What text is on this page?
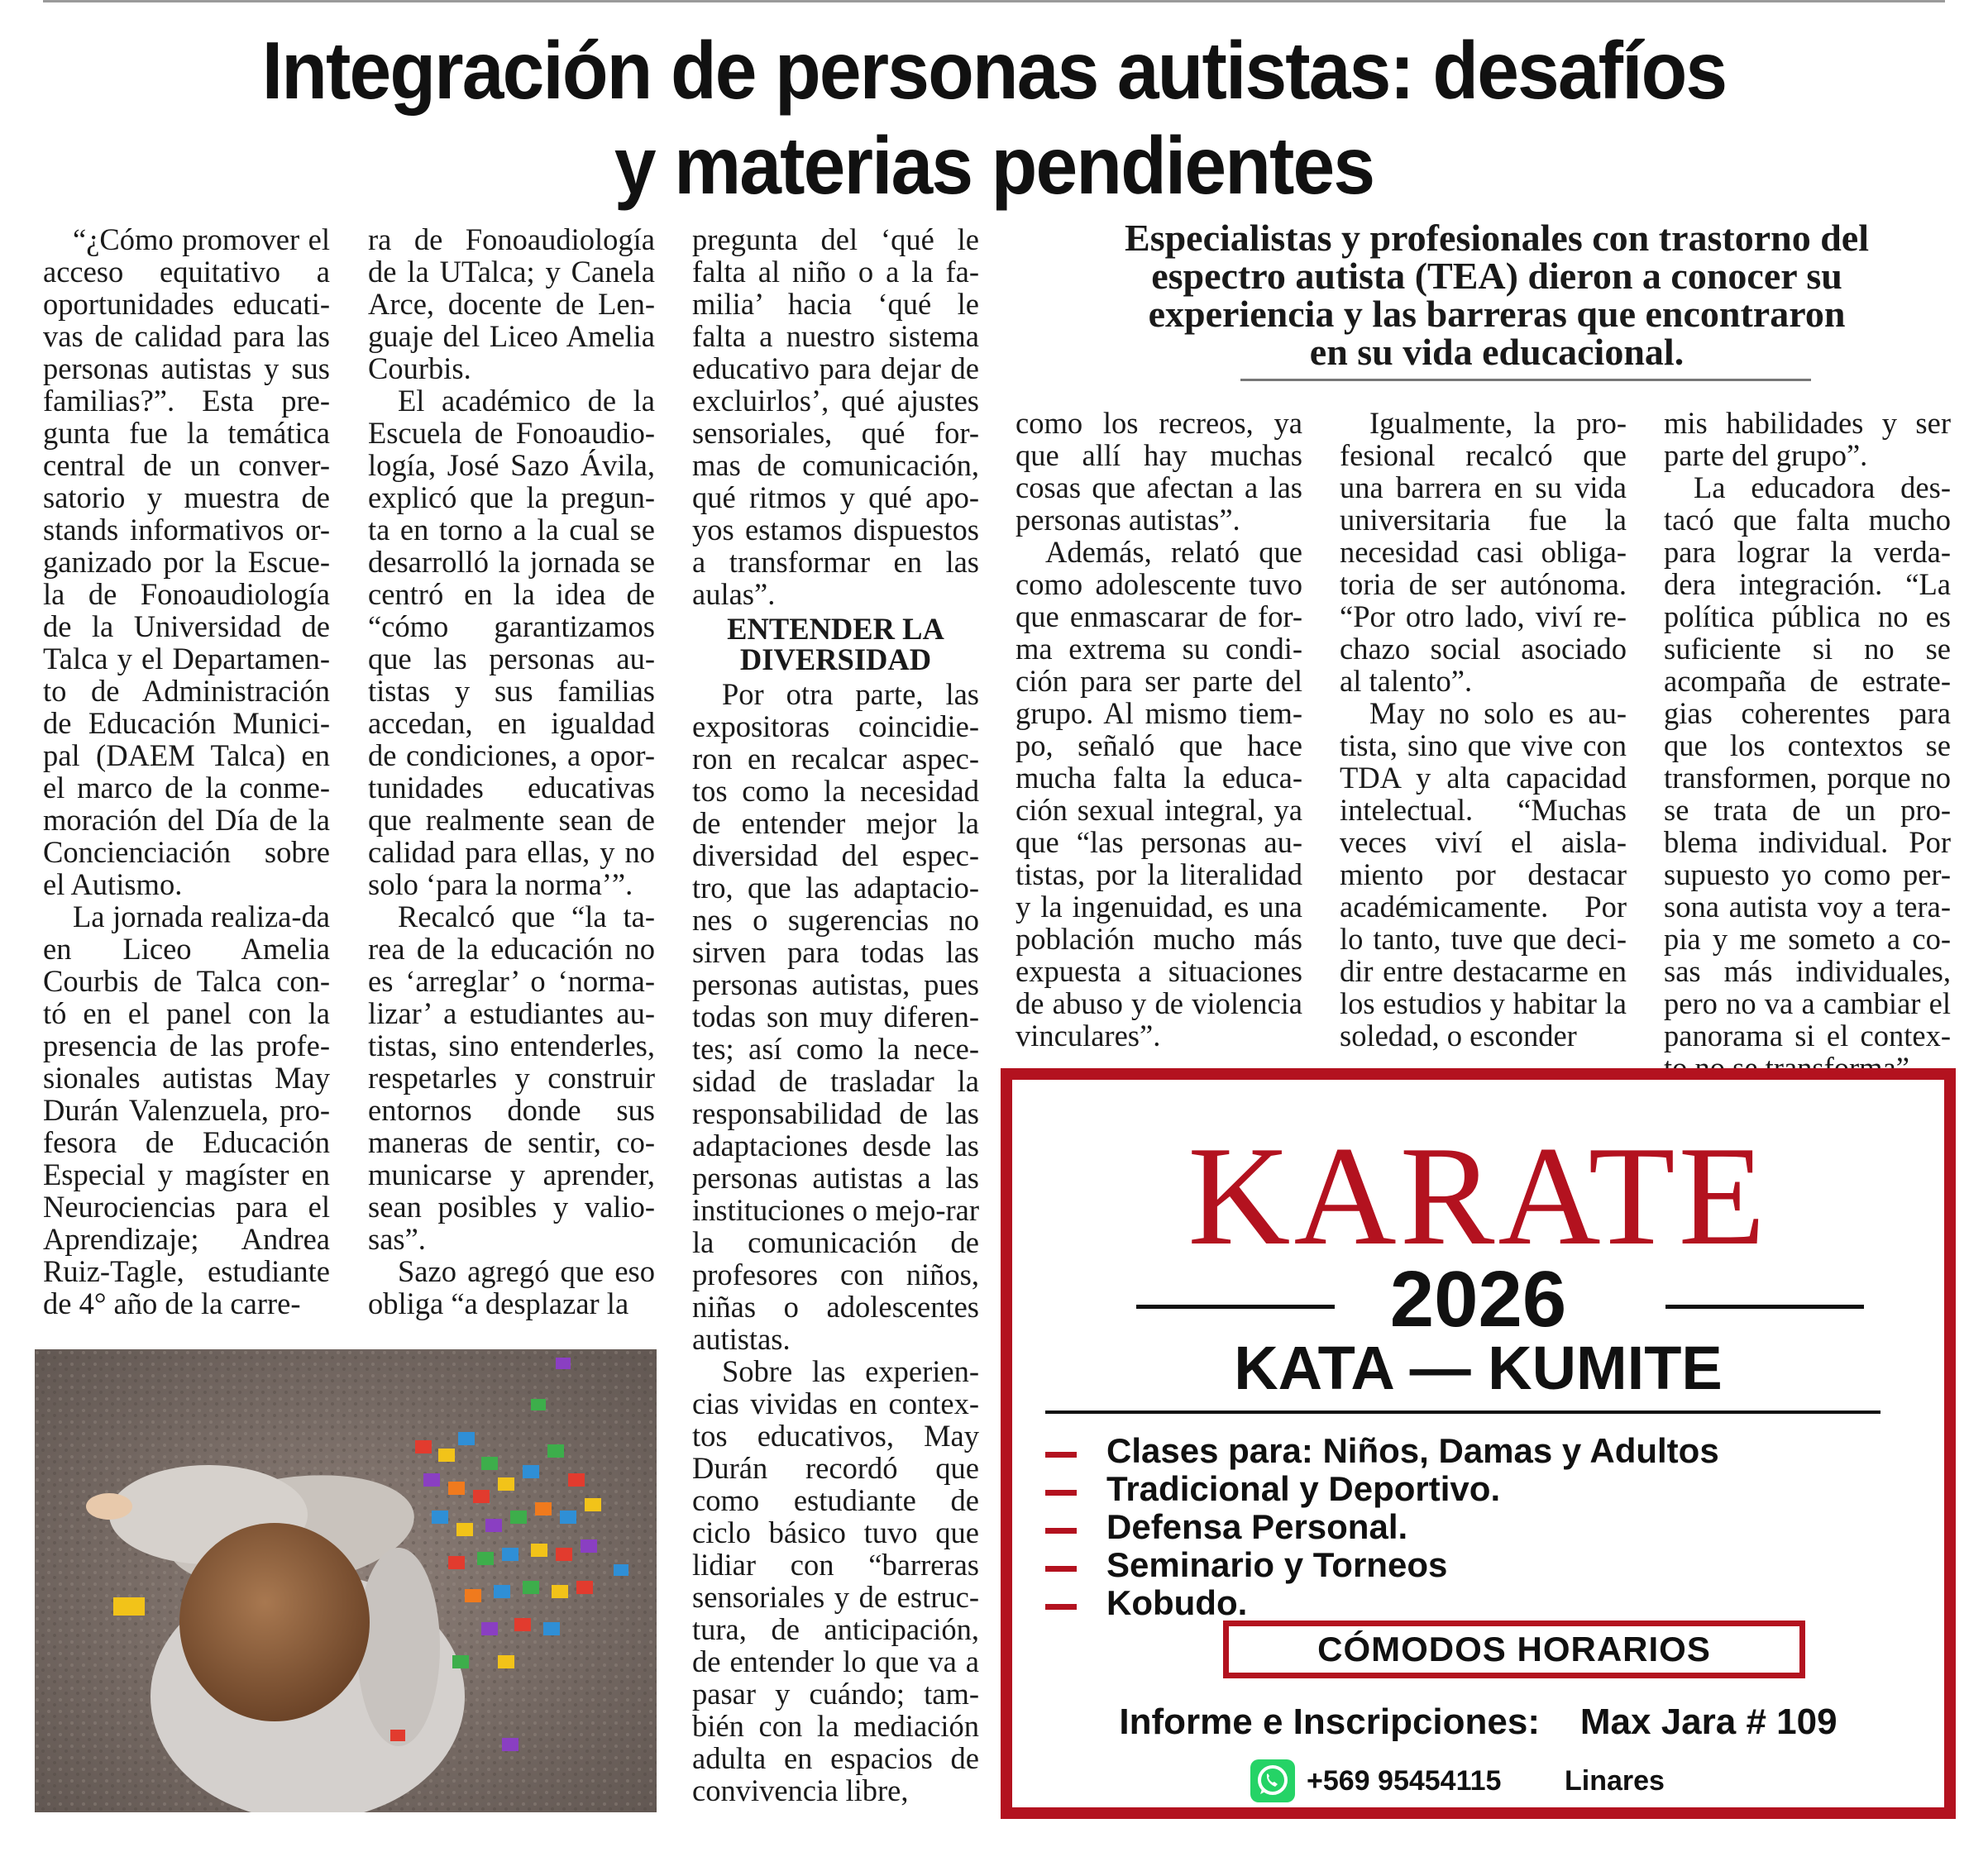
Integración de personas autistas: desafíos
y materias pendientes

“¿Cómo promover el acceso equitativo a oportunidades educati-vas de calidad para las personas autistas y sus familias?”. Esta pre-gunta fue la temática central de un conver-satorio y muestra de stands informativos or-ganizado por la Escue-la de Fonoaudiología de la Universidad de Talca y el Departamen-to de Administración de Educación Munici-pal (DAEM Talca) en el marco de la conme-moración del Día de la Concienciación sobre el Autismo.

La jornada realiza-da en Liceo Amelia Courbis de Talca con-tó en el panel con la presencia de las profe-sionales autistas May Durán Valenzuela, pro-fesora de Educación Especial y magíster en Neurociencias para el Aprendizaje; Andrea Ruiz-Tagle, estudiante de 4° año de la carre-

ra de Fonoaudiología de la UTalca; y Canela Arce, docente de Len-guaje del Liceo Amelia Courbis.

El académico de la Escuela de Fonoaudio-logía, José Sazo Ávila, explicó que la pregun-ta en torno a la cual se desarrolló la jornada se centró en la idea de “cómo garantizamos que las personas au-tistas y sus familias accedan, en igualdad de condiciones, a opor-tunidades educativas que realmente sean de calidad para ellas, y no solo ‘para la norma’”.

Recalcó que “la ta-rea de la educación no es ‘arreglar’ o ‘norma-lizar’ a estudiantes au-tistas, sino entenderles, respetarles y construir entornos donde sus maneras de sentir, co-municarse y aprender, sean posibles y valio-sas”.

Sazo agregó que eso obliga “a desplazar la

pregunta del ‘qué le falta al niño o a la fa-milia’ hacia ‘qué le falta a nuestro sistema educativo para dejar de excluirlos’, qué ajustes sensoriales, qué for-mas de comunicación, qué ritmos y qué apo-yos estamos dispuestos a transformar en las aulas”.

ENTENDER LA DIVERSIDAD

Por otra parte, las expositoras coincidie-ron en recalcar aspec-tos como la necesidad de entender mejor la diversidad del espec-tro, que las adaptacio-nes o sugerencias no sirven para todas las personas autistas, pues todas son muy diferen-tes; así como la nece-sidad de trasladar la responsabilidad de las adaptaciones desde las personas autistas a las instituciones o mejo-rar la comunicación de profesores con niños, niñas o adolescentes autistas.

Sobre las experien-cias vividas en contex-tos educativos, May Durán recordó que como estudiante de ciclo básico tuvo que lidiar con “barreras sensoriales y de estruc-tura, de anticipación, de entender lo que va a pasar y cuándo; tam-bién con la mediación adulta en espacios de convivencia libre,

Especialistas y profesionales con trastorno del
espectro autista (TEA) dieron a conocer su
experiencia y las barreras que encontraron
en su vida educacional.

como los recreos, ya que allí hay muchas cosas que afectan a las personas autistas”.

Además, relató que como adolescente tuvo que enmascarar de for-ma extrema su condi-ción para ser parte del grupo. Al mismo tiem-po, señaló que hace mucha falta la educa-ción sexual integral, ya que “las personas au-tistas, por la literalidad y la ingenuidad, es una población mucho más expuesta a situaciones de abuso y de violencia vinculares”.

Igualmente, la pro-fesional recalcó que una barrera en su vida universitaria fue la necesidad casi obliga-toria de ser autónoma. “Por otro lado, viví re-chazo social asociado al talento”.

May no solo es au-tista, sino que vive con TDA y alta capacidad intelectual. “Muchas veces viví el aisla-miento por destacar académicamente. Por lo tanto, tuve que deci-dir entre destacarme en los estudios y habitar la soledad, o esconder

mis habilidades y ser parte del grupo”.

La educadora des-tacó que falta mucho para lograr la verda-dera integración. “La política pública no es suficiente si no se acompaña de estrate-gias coherentes para que los contextos se transformen, porque no se trata de un pro-blema individual. Por supuesto yo como per-sona autista voy a tera-pia y me someto a co-sas más individuales, pero no va a cambiar el panorama si el contex-

KARATE
2026
KATA — KUMITE
Clases para: Niños, Damas y Adultos
Tradicional y Deportivo.
Defensa Personal.
Seminario y Torneos
Kobudo.
CÓMODOS HORARIOS
Informe e Inscripciones:    Max Jara # 109
+569 95454115 Linares
